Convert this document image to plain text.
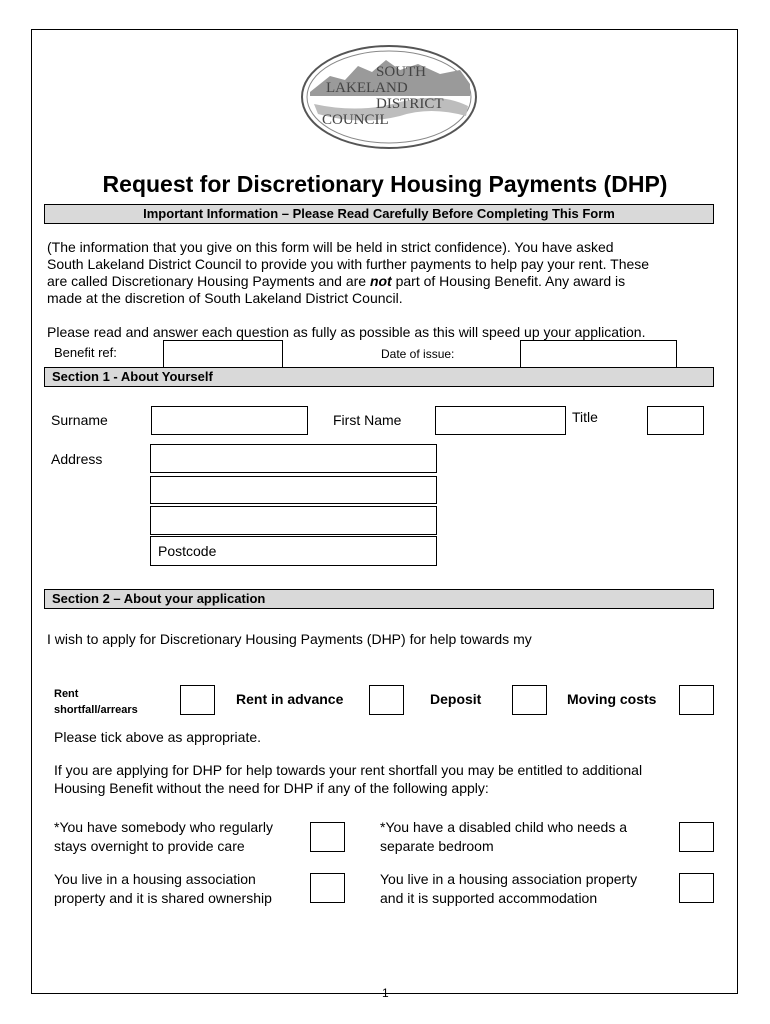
SOUTH
LAKELAND
DISTRICT
COUNCIL
Request for Discretionary Housing Payments (DHP)
Important Information – Please Read Carefully Before Completing This Form
(The information that you give on this form will be held in strict confidence). You have asked
South Lakeland District Council to provide you with further payments to help pay your rent. These
are called Discretionary Housing Payments and are not part of Housing Benefit. Any award is
made at the discretion of South Lakeland District Council.
Please read and answer each question as fully as possible as this will speed up your application.
Benefit ref:	Date of issue:
Section 1 - About Yourself
Surname	First Name	Title
Address
Postcode
Section 2 – About your application
I wish to apply for Discretionary Housing Payments (DHP) for help towards my
Rent
shortfall/arrears
Rent in advance	Deposit	Moving costs
Please tick above as appropriate.
If you are applying for DHP for help towards your rent shortfall you may be entitled to additional
Housing Benefit without the need for DHP if any of the following apply:
*You have somebody who regularly
stays overnight to provide care
*You have a disabled child who needs a
separate bedroom
You live in a housing association
property and it is shared ownership
You live in a housing association property
and it is supported accommodation
1
